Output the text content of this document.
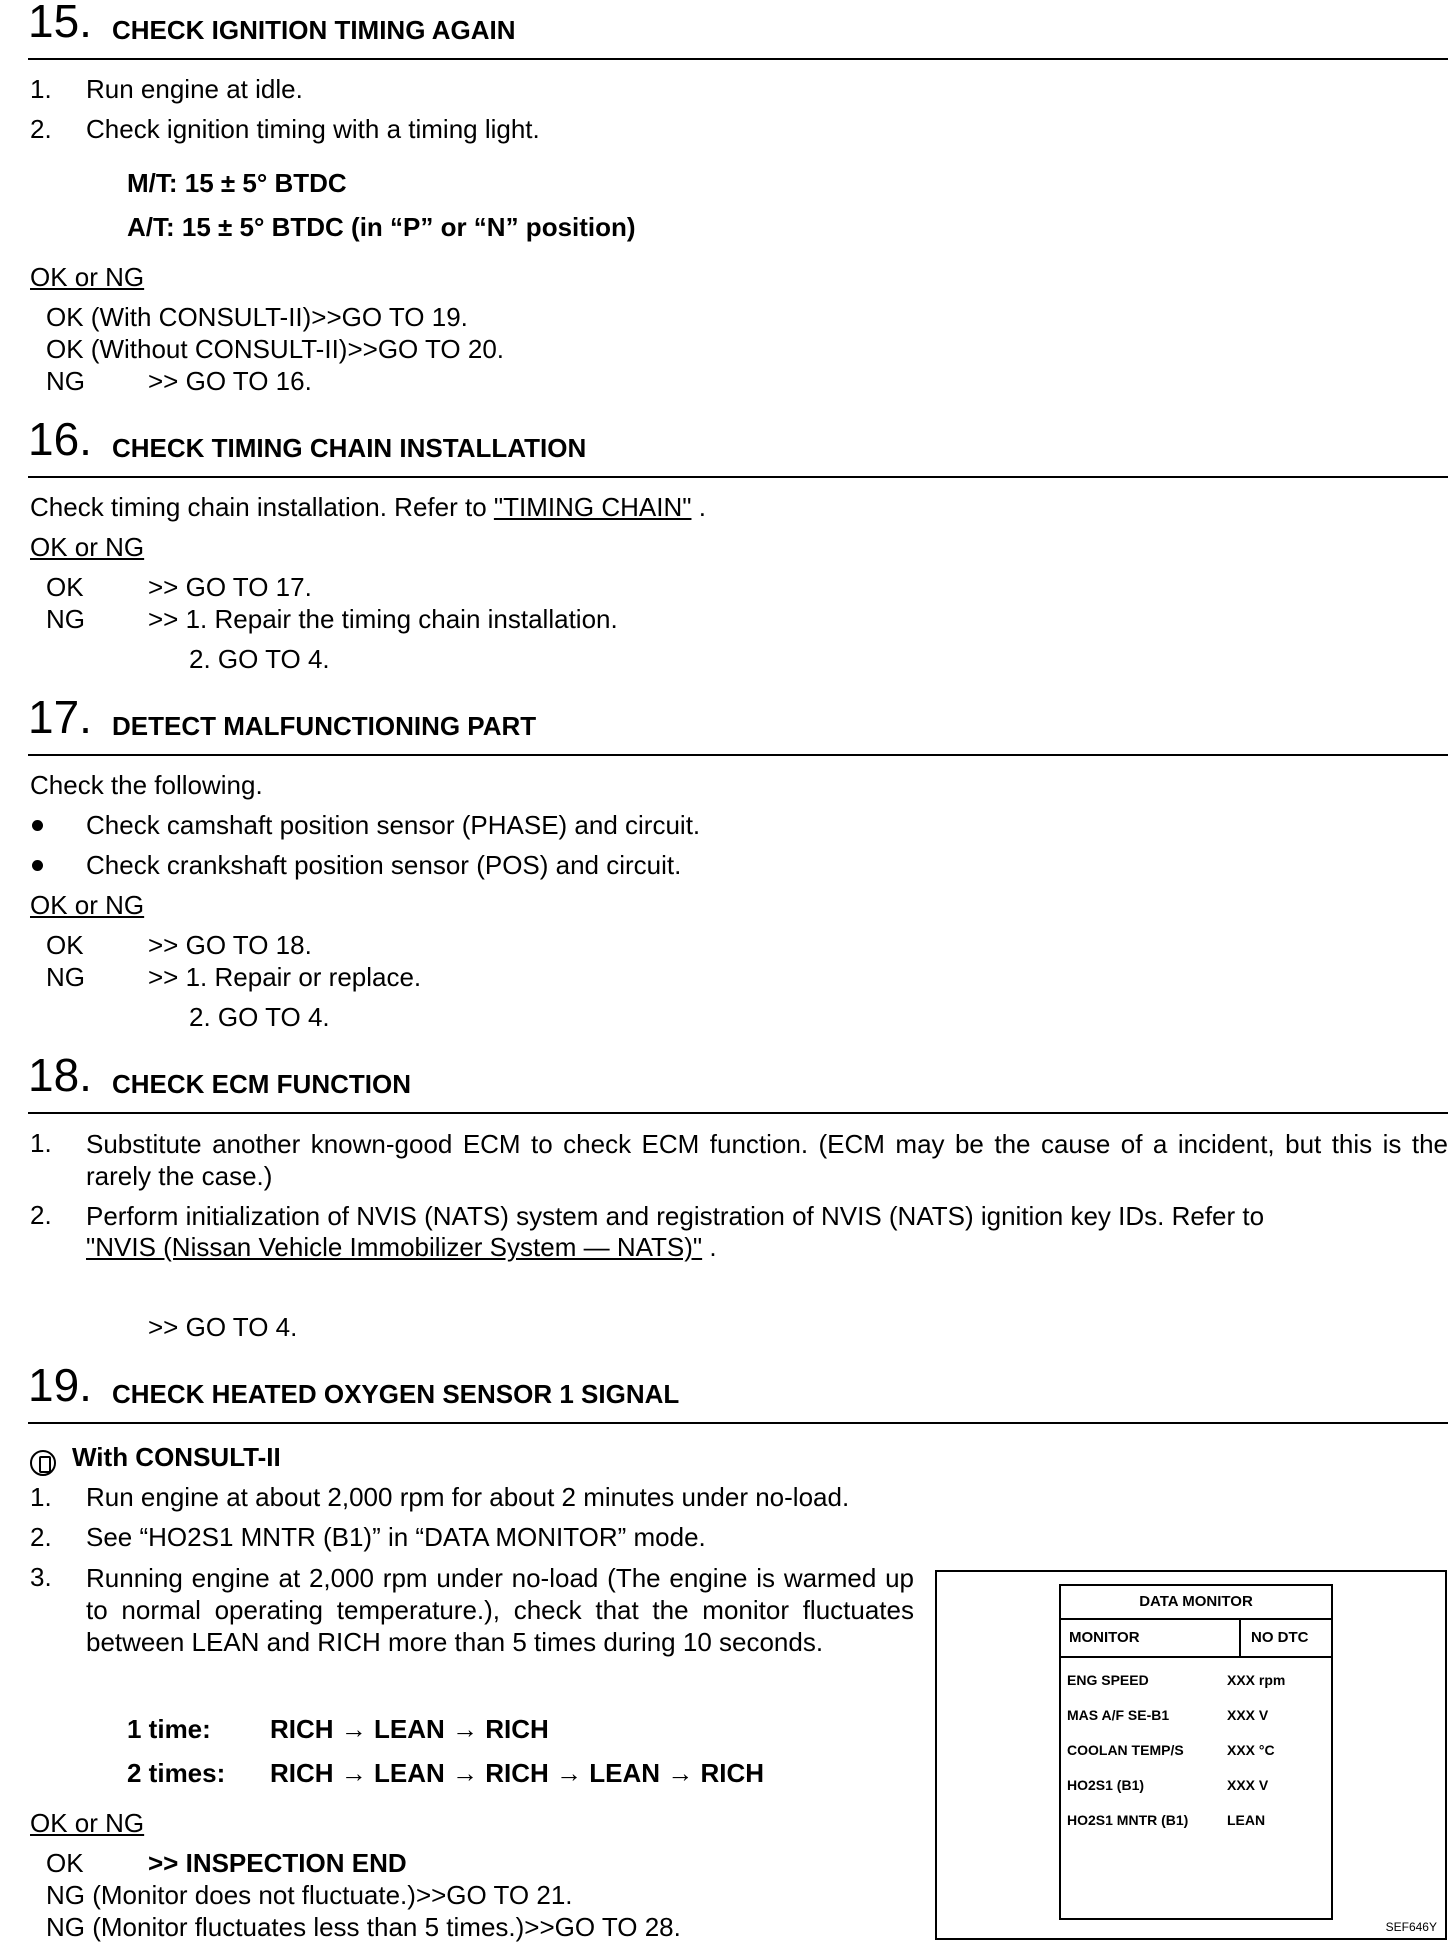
15. CHECK IGNITION TIMING AGAIN
1. Run engine at idle.
2. Check ignition timing with a timing light.
M/T: 15 ± 5° BTDC
A/T: 15 ± 5° BTDC (in “P” or “N” position)
OK or NG
OK (With CONSULT-II)>>GO TO 19.
OK (Without CONSULT-II)>>GO TO 20.
NG >> GO TO 16.
16. CHECK TIMING CHAIN INSTALLATION
Check timing chain installation. Refer to "TIMING CHAIN" .
OK or NG
OK >> GO TO 17.
NG >> 1. Repair the timing chain installation.
2. GO TO 4.
17. DETECT MALFUNCTIONING PART
Check the following.
Check camshaft position sensor (PHASE) and circuit.
Check crankshaft position sensor (POS) and circuit.
OK or NG
OK >> GO TO 18.
NG >> 1. Repair or replace.
2. GO TO 4.
18. CHECK ECM FUNCTION
1. Substitute another known-good ECM to check ECM function. (ECM may be the cause of a incident, but this is the rarely the case.)
2. Perform initialization of NVIS (NATS) system and registration of NVIS (NATS) ignition key IDs. Refer to
"NVIS (Nissan Vehicle Immobilizer System — NATS)" .
>> GO TO 4.
19. CHECK HEATED OXYGEN SENSOR 1 SIGNAL
With CONSULT-II
1. Run engine at about 2,000 rpm for about 2 minutes under no-load.
2. See “HO2S1 MNTR (B1)” in “DATA MONITOR” mode.
3. Running engine at 2,000 rpm under no-load (The engine is warmed up to normal operating temperature.), check that the monitor fluctuates between LEAN and RICH more than 5 times during 10 seconds.
1 time: RICH → LEAN → RICH
2 times: RICH → LEAN → RICH → LEAN → RICH
OK or NG
OK >> INSPECTION END
NG (Monitor does not fluctuate.)>>GO TO 21.
NG (Monitor fluctuates less than 5 times.)>>GO TO 28.
DATA MONITOR
MONITOR	NO DTC
ENG SPEED	XXX rpm
MAS A/F SE-B1	XXX V
COOLAN TEMP/S	XXX °C
HO2S1 (B1)	XXX V
HO2S1 MNTR (B1)	LEAN
SEF646Y
